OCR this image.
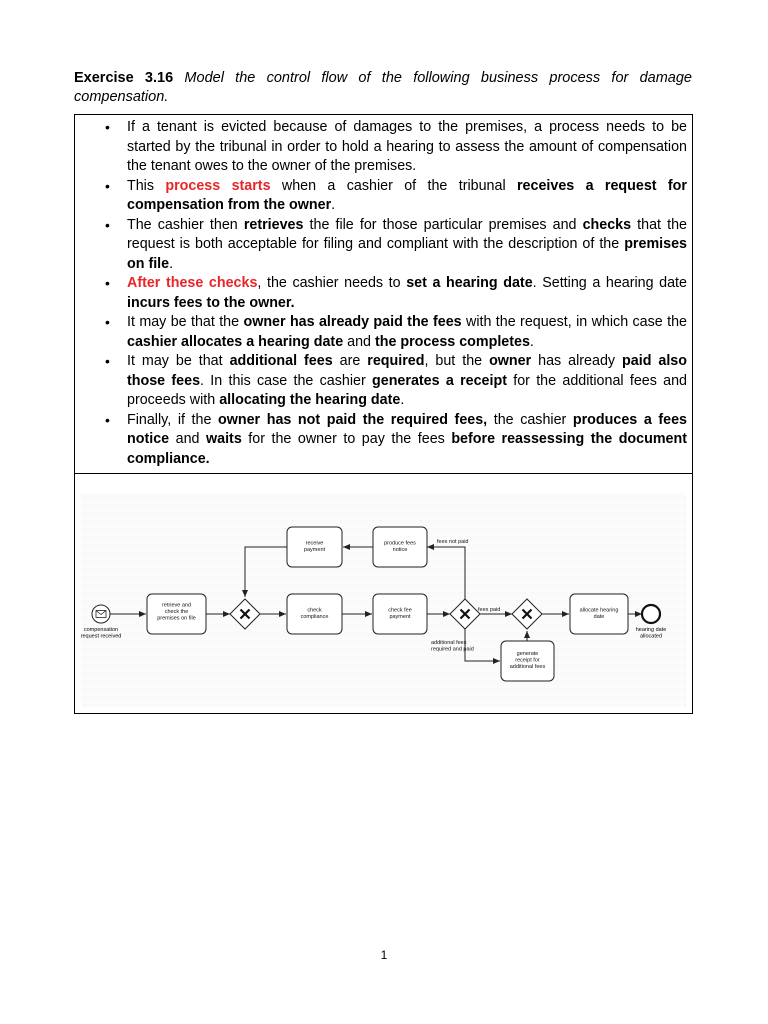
Exercise 3.16 Model the control flow of the following business process for damage compensation.
• If a tenant is evicted because of damages to the premises, a process needs to be started by the tribunal in order to hold a hearing to assess the amount of compensation the tenant owes to the owner of the premises.
• This process starts when a cashier of the tribunal receives a request for compensation from the owner.
• The cashier then retrieves the file for those particular premises and checks that the request is both acceptable for filing and compliant with the description of the premises on file.
• After these checks, the cashier needs to set a hearing date. Setting a hearing date incurs fees to the owner.
• It may be that the owner has already paid the fees with the request, in which case the cashier allocates a hearing date and the process completes.
• It may be that additional fees are required, but the owner has already paid also those fees. In this case the cashier generates a receipt for the additional fees and proceeds with allocating the hearing date.
• Finally, if the owner has not paid the required fees, the cashier produces a fees notice and waits for the owner to pay the fees before reassessing the document compliance.
compensation
request received
hearing date
allocated
retrieve and
check the
premises on file
check
compliance
check fee
payment
receive
payment
produce fees
notice
allocate hearing
date
generate
receipt for
additional fees
fees not paid
fees paid
additional fees
required and paid
1
